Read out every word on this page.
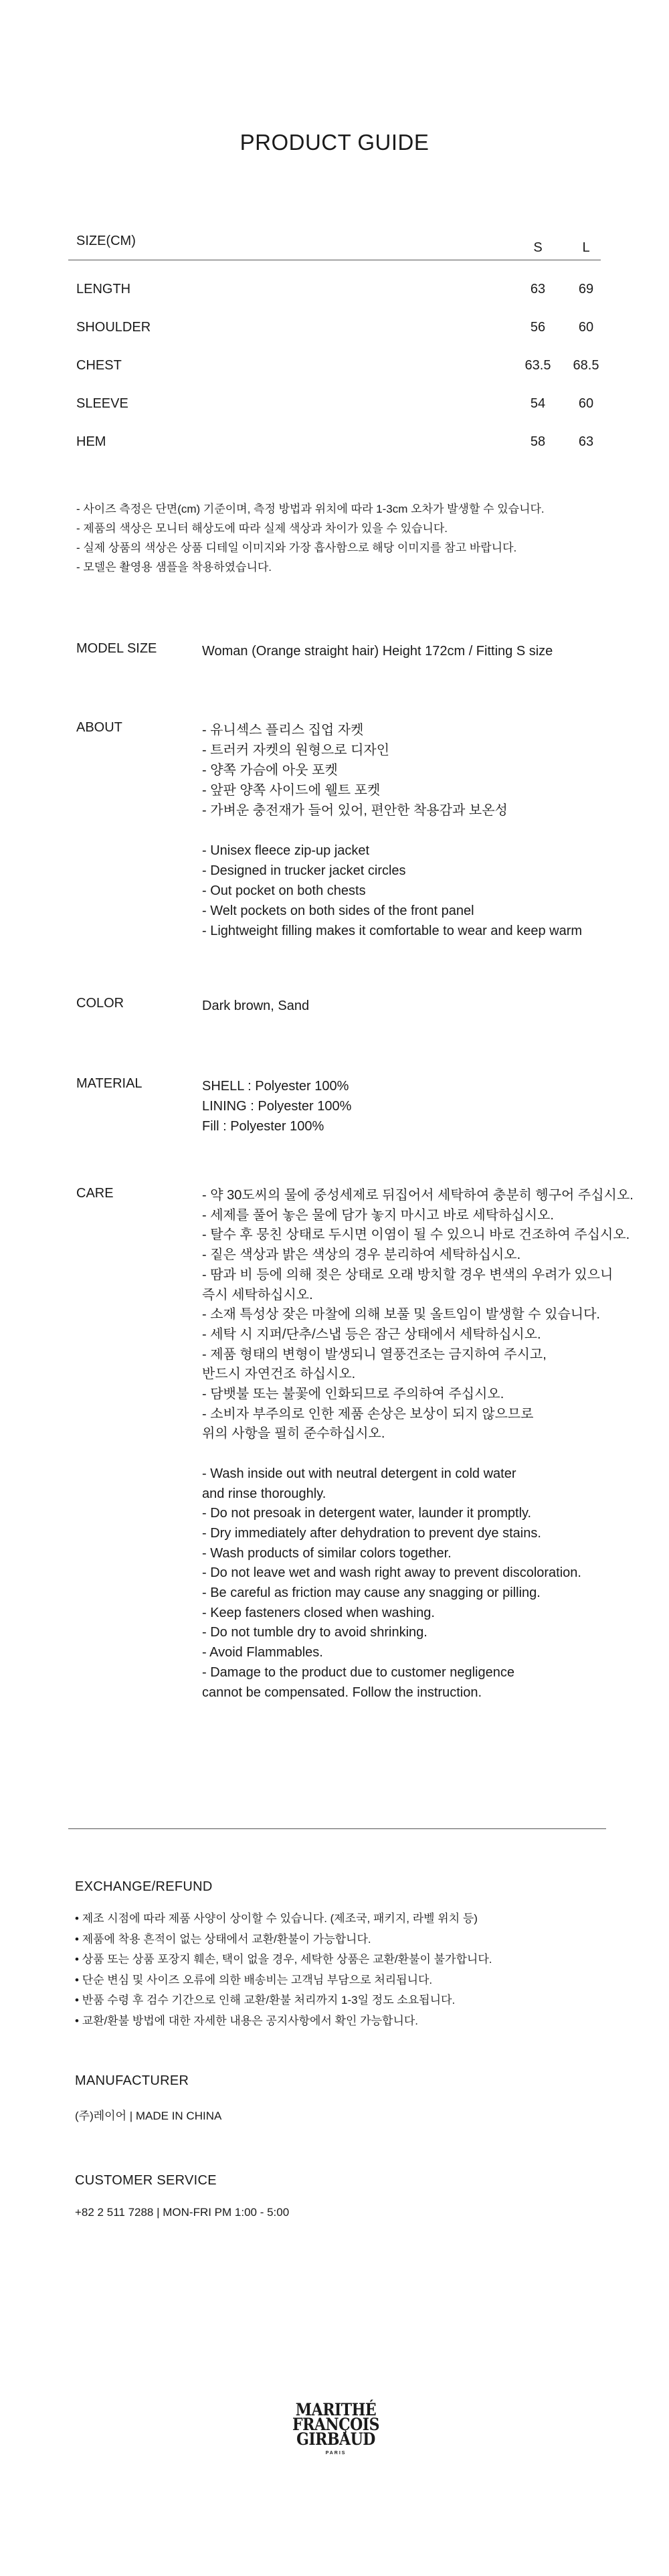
PRODUCT GUIDE
SIZE(CM)	S	L
LENGTH	63	69
SHOULDER	56	60
CHEST	63.5	68.5
SLEEVE	54	60
HEM	58	63
- 사이즈 측정은 단면(cm) 기준이며, 측정 방법과 위치에 따라 1-3cm 오차가 발생할 수 있습니다.
- 제품의 색상은 모니터 해상도에 따라 실제 색상과 차이가 있을 수 있습니다.
- 실제 상품의 색상은 상품 디테일 이미지와 가장 흡사함으로 해당 이미지를 참고 바랍니다.
- 모델은 촬영용 샘플을 착용하였습니다.
MODEL SIZE	Woman (Orange straight hair) Height 172cm / Fitting S size
ABOUT	- 유니섹스 플리스 집업 자켓
- 트러커 자켓의 원형으로 디자인
- 양쪽 가슴에 아웃 포켓
- 앞판 양쪽 사이드에 웰트 포켓
- 가벼운 충전재가 들어 있어, 편안한 착용감과 보온성
- Unisex fleece zip-up jacket
- Designed in trucker jacket circles
- Out pocket on both chests
- Welt pockets on both sides of the front panel
- Lightweight filling makes it comfortable to wear and keep warm
COLOR	Dark brown, Sand
MATERIAL	SHELL : Polyester 100%
LINING : Polyester 100%
Fill : Polyester 100%
CARE	- 약 30도씨의 물에 중성세제로 뒤집어서 세탁하여 충분히 헹구어 주십시오.
- 세제를 풀어 놓은 물에 담가 놓지 마시고 바로 세탁하십시오.
- 탈수 후 뭉친 상태로 두시면 이염이 될 수 있으니 바로 건조하여 주십시오.
- 짙은 색상과 밝은 색상의 경우 분리하여 세탁하십시오.
- 땀과 비 등에 의해 젖은 상태로 오래 방치할 경우 변색의 우려가 있으니
즉시 세탁하십시오.
- 소재 특성상 잦은 마찰에 의해 보풀 및 올트임이 발생할 수 있습니다.
- 세탁 시 지퍼/단추/스냅 등은 잠근 상태에서 세탁하십시오.
- 제품 형태의 변형이 발생되니 열풍건조는 금지하여 주시고,
반드시 자연건조 하십시오.
- 담뱃불 또는 불꽃에 인화되므로 주의하여 주십시오.
- 소비자 부주의로 인한 제품 손상은 보상이 되지 않으므로
위의 사항을 필히 준수하십시오.
- Wash inside out with neutral detergent in cold water
and rinse thoroughly.
- Do not presoak in detergent water, launder it promptly.
- Dry immediately after dehydration to prevent dye stains.
- Wash products of similar colors together.
- Do not leave wet and wash right away to prevent discoloration.
- Be careful as friction may cause any snagging or pilling.
- Keep fasteners closed when washing.
- Do not tumble dry to avoid shrinking.
- Avoid Flammables.
- Damage to the product due to customer negligence
cannot be compensated. Follow the instruction.
EXCHANGE/REFUND
• 제조 시점에 따라 제품 사양이 상이할 수 있습니다. (제조국, 패키지, 라벨 위치 등)
• 제품에 착용 흔적이 없는 상태에서 교환/환불이 가능합니다.
• 상품 또는 상품 포장지 훼손, 택이 없을 경우, 세탁한 상품은 교환/환불이 불가합니다.
• 단순 변심 및 사이즈 오류에 의한 배송비는 고객님 부담으로 처리됩니다.
• 반품 수령 후 검수 기간으로 인해 교환/환불 처리까지 1-3일 정도 소요됩니다.
• 교환/환불 방법에 대한 자세한 내용은 공지사항에서 확인 가능합니다.
MANUFACTURER
(주)레이어 | MADE IN CHINA
CUSTOMER SERVICE
+82 2 511 7288 | MON-FRI PM 1:00 - 5:00
MARITHÉ
FRANÇOIS
GIRBAUD
PARIS
